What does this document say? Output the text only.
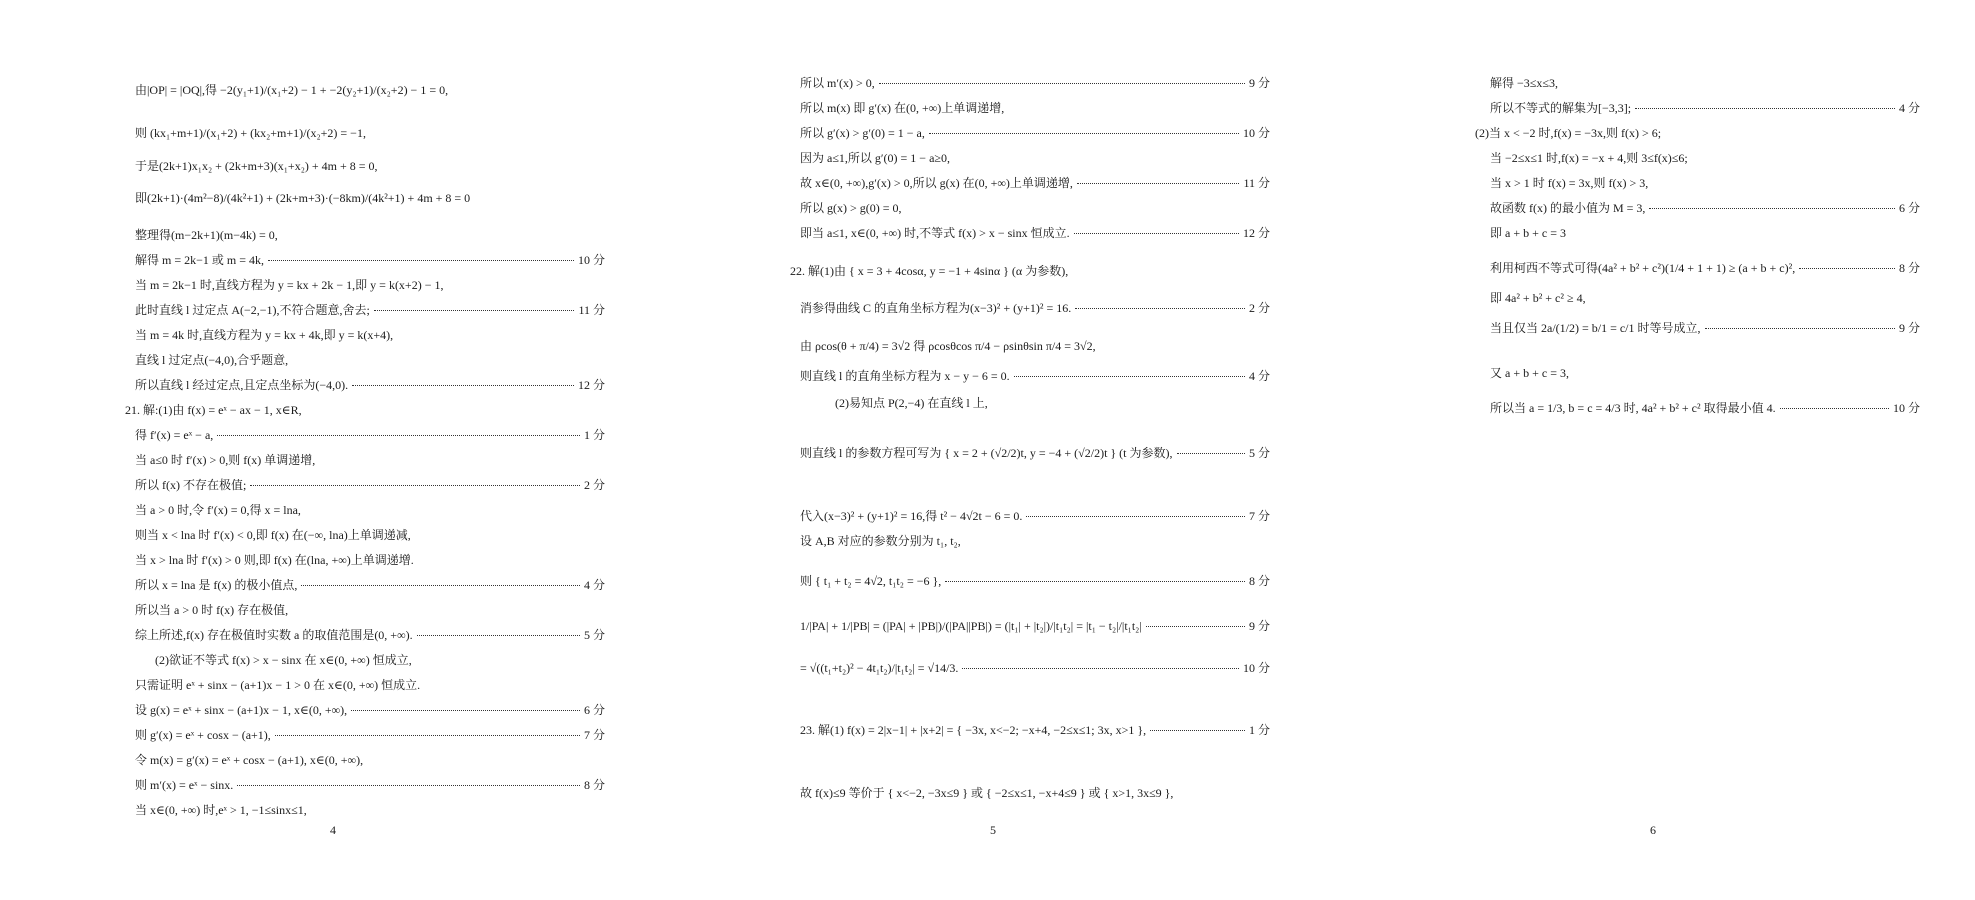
由|OP| = |OQ|,得 −2(y₁+1)/(x₁+2) − 1 + −2(y₂+1)/(x₂+2) − 1 = 0,
则 (kx₁+m+1)/(x₁+2) + (kx₂+m+1)/(x₂+2) = −1,
于是(2k+1)x₁x₂ + (2k+m+3)(x₁+x₂) + 4m + 8 = 0,
即(2k+1)·(4m²−8)/(4k²+1) + (2k+m+3)·(−8km)/(4k²+1) + 4m + 8 = 0
整理得(m−2k+1)(m−4k) = 0,
解得 m = 2k−1 或 m = 4k,	10 分
当 m = 2k−1 时,直线方程为 y = kx + 2k − 1,即 y = k(x+2) − 1,
此时直线 l 过定点 A(−2,−1),不符合题意,舍去;	11 分
当 m = 4k 时,直线方程为 y = kx + 4k,即 y = k(x+4),
直线 l 过定点(−4,0),合乎题意,
所以直线 l 经过定点,且定点坐标为(−4,0).	12 分
21. 解:(1)由 f(x) = eˣ − ax − 1, x∈R,
得 f′(x) = eˣ − a,	1 分
当 a≤0 时 f′(x) > 0,则 f(x) 单调递增,
所以 f(x) 不存在极值;	2 分
当 a > 0 时,令 f′(x) = 0,得 x = lna,
则当 x < lna 时 f′(x) < 0,即 f(x) 在(−∞, lna)上单调递减,
当 x > lna 时 f′(x) > 0 则,即 f(x) 在(lna, +∞)上单调递增.
所以 x = lna 是 f(x) 的极小值点,	4 分
所以当 a > 0 时 f(x) 存在极值,
综上所述,f(x) 存在极值时实数 a 的取值范围是(0, +∞).	5 分
(2)欲证不等式 f(x) > x − sinx 在 x∈(0, +∞) 恒成立,
只需证明 eˣ + sinx − (a+1)x − 1 > 0 在 x∈(0, +∞) 恒成立.
设 g(x) = eˣ + sinx − (a+1)x − 1, x∈(0, +∞),	6 分
则 g′(x) = eˣ + cosx − (a+1),	7 分
令 m(x) = g′(x) = eˣ + cosx − (a+1), x∈(0, +∞),
则 m′(x) = eˣ − sinx.	8 分
当 x∈(0, +∞) 时,eˣ > 1, −1≤sinx≤1,
4
所以 m′(x) > 0,	9 分
所以 m(x) 即 g′(x) 在(0, +∞)上单调递增,
所以 g′(x) > g′(0) = 1 − a,	10 分
因为 a≤1,所以 g′(0) = 1 − a≥0,
故 x∈(0, +∞),g′(x) > 0,所以 g(x) 在(0, +∞)上单调递增,	11 分
所以 g(x) > g(0) = 0,
即当 a≤1, x∈(0, +∞) 时,不等式 f(x) > x − sinx 恒成立.	12 分
22. 解(1)由 { x = 3 + 4cosα, y = −1 + 4sinα } (α 为参数),
消参得曲线 C 的直角坐标方程为(x−3)² + (y+1)² = 16.	2 分
由 ρcos(θ + π/4) = 3√2 得 ρcosθcos π/4 − ρsinθsin π/4 = 3√2,
则直线 l 的直角坐标方程为 x − y − 6 = 0.	4 分
(2)易知点 P(2,−4) 在直线 l 上,
则直线 l 的参数方程可写为 { x = 2 + (√2/2)t, y = −4 + (√2/2)t } (t 为参数),	5 分
代入(x−3)² + (y+1)² = 16,得 t² − 4√2t − 6 = 0.	7 分
设 A,B 对应的参数分别为 t₁, t₂,
则 { t₁ + t₂ = 4√2, t₁t₂ = −6 },	8 分
1/|PA| + 1/|PB| = (|PA| + |PB|)/(|PA||PB|) = (|t₁| + |t₂|)/|t₁t₂| = |t₁ − t₂|/|t₁t₂|	9 分
= √((t₁+t₂)² − 4t₁t₂)/|t₁t₂| = √14/3.	10 分
23. 解(1) f(x) = 2|x−1| + |x+2| = { −3x, x<−2; −x+4, −2≤x≤1; 3x, x>1 },	1 分
故 f(x)≤9 等价于 { x<−2, −3x≤9 } 或 { −2≤x≤1, −x+4≤9 } 或 { x>1, 3x≤9 },
5
解得 −3≤x≤3,
所以不等式的解集为[−3,3];	4 分
(2)当 x < −2 时,f(x) = −3x,则 f(x) > 6;
当 −2≤x≤1 时,f(x) = −x + 4,则 3≤f(x)≤6;
当 x > 1 时 f(x) = 3x,则 f(x) > 3,
故函数 f(x) 的最小值为 M = 3,	6 分
即 a + b + c = 3
利用柯西不等式可得(4a² + b² + c²)(1/4 + 1 + 1) ≥ (a + b + c)²,	8 分
即 4a² + b² + c² ≥ 4,
当且仅当 2a/(1/2) = b/1 = c/1 时等号成立,	9 分
又 a + b + c = 3,
所以当 a = 1/3, b = c = 4/3 时, 4a² + b² + c² 取得最小值 4.	10 分
6
